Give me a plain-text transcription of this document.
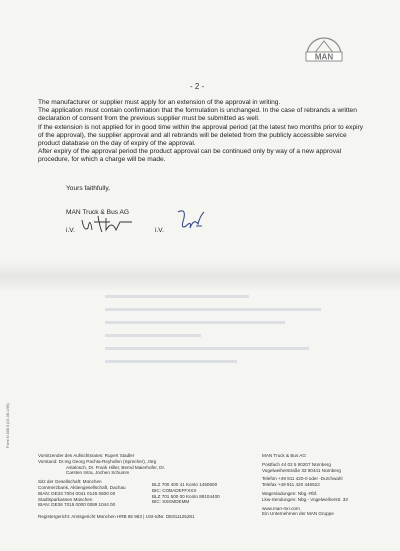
MAN
- 2 -

The manufacturer or supplier must apply for an extension of the approval in writing.

The application must contain confirmation that the formulation is unchanged. In the case of rebrands a written declaration of consent from the previous supplier must be submitted as well.

If the extension is not applied for in good time within the approval period (at the latest two months prior to expiry of the approval), the supplier approval and all rebrands will be deleted from the publicly accessible service product database on the day of expiry of the approval.

After expiry of the approval period the product approval can be continued only by way of a new approval procedure, for which a charge will be made.

Yours faithfully,
MAN Truck & Bus AG
i.V.	i.V.
Form N.008 6 (01.08.1/98)
Vorsitzender des Aufsichtsrates: Rupert Stadler
Vorstand: Dr.Ing Georg Pachta-Reyhofen (Sprecher), Jörg
Astalosch, Dr. Frank Hiller, Bernd Maierhofer, Dr.
Carsten Intra, Jochen Schumm
Sitz der Gesellschaft: München
Commerzbank, Aktiengesellschaft, Dachau
IBAN: DE33 7004 0041 0145 0600 00
Stadtsparkassen München
IBAN: DE36 7015 0000 0089 1044 00
BLZ 700 400 41 Konto 1450600
BIC: COBADEFFXXX
BLZ 701 500 00 Konto 89104400
BIC: SSKMDEMM
MAN Truck & Bus AG
Postfach 44 02 5 90207 Nürnberg
Vogelweiherstraße 33 90441 Nürnberg
Telefon +49 911 420-0 oder -Durchwahl
Telefax +49 911 420 446522
Wagenladungen: Nbg.-Rbf.
Lkw-Sendungen: Nbg.- Vogelweiherstr. 33
www.man-mn.com
Ein Unternehmen der MAN Gruppe
Registergericht: Amtsgericht München HRB 86 963 | USt-IdNr. DE811125281
